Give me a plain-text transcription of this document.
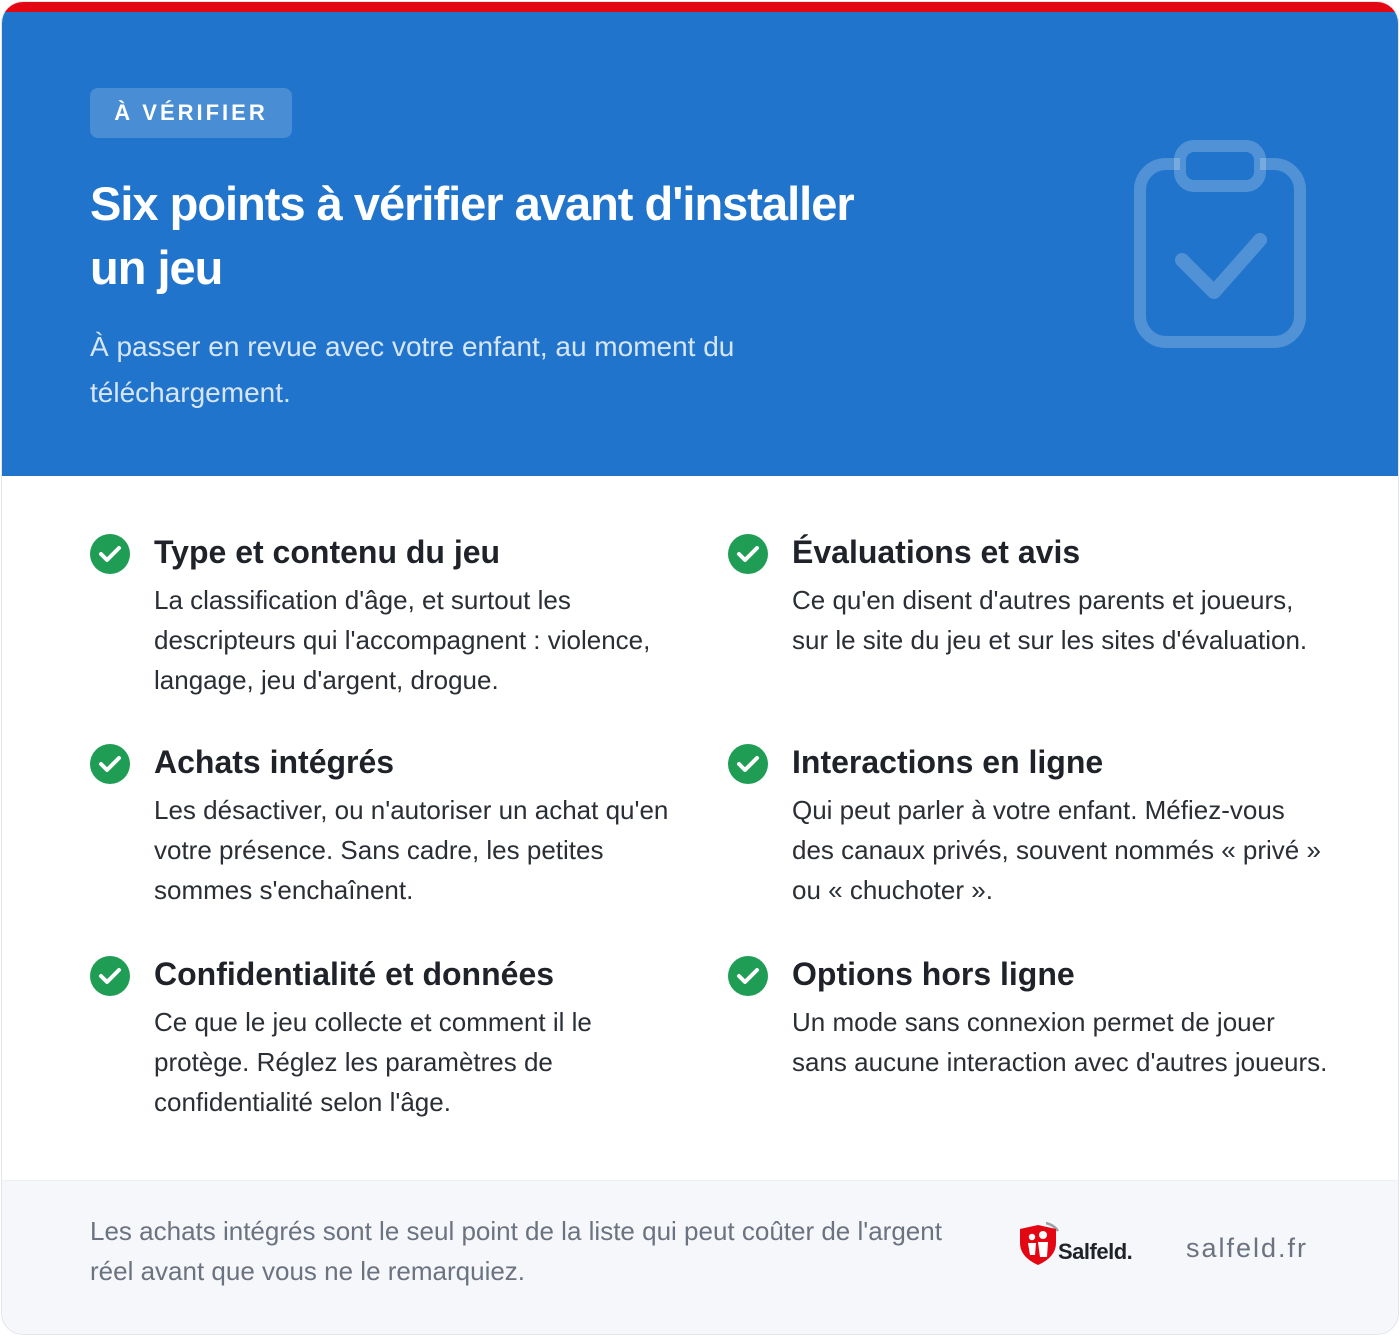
À VÉRIFIER
Six points à vérifier avant d'installer
un jeu
À passer en revue avec votre enfant, au moment du téléchargement.
Type et contenu du jeu
La classification d'âge, et surtout les descripteurs qui l'accompagnent : violence, langage, jeu d'argent, drogue.
Évaluations et avis
Ce qu'en disent d'autres parents et joueurs, sur le site du jeu et sur les sites d'évaluation.
Achats intégrés
Les désactiver, ou n'autoriser un achat qu'en votre présence. Sans cadre, les petites sommes s'enchaînent.
Interactions en ligne
Qui peut parler à votre enfant. Méfiez-vous des canaux privés, souvent nommés « privé » ou « chuchoter ».
Confidentialité et données
Ce que le jeu collecte et comment il le protège. Réglez les paramètres de confidentialité selon l'âge.
Options hors ligne
Un mode sans connexion permet de jouer sans aucune interaction avec d'autres joueurs.
Les achats intégrés sont le seul point de la liste qui peut coûter de l'argent réel avant que vous ne le remarquiez.
Salfeld. salfeld.fr
